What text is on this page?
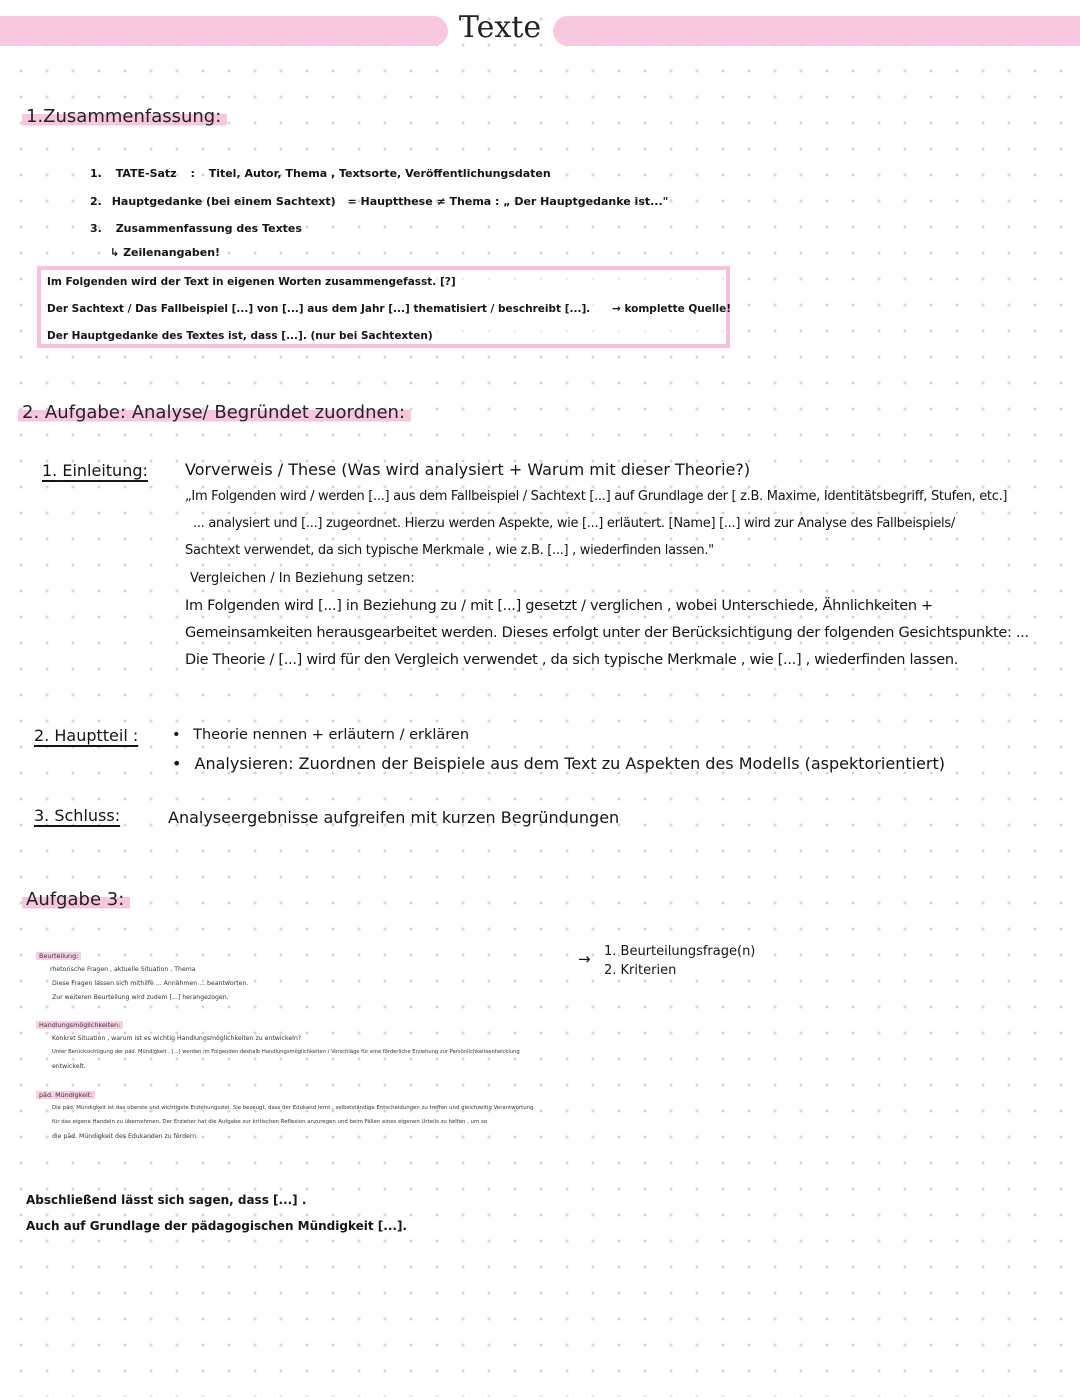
Texte
1.Zusammenfassung:
1. TATE-Satz : Titel, Autor, Thema , Textsorte, Veröffentlichungsdaten
2. Hauptgedanke (bei einem Sachtext) = Hauptthese ≠ Thema : „ Der Hauptgedanke ist..."
3. Zusammenfassung des Textes
↳ Zeilenangaben!
Im Folgenden wird der Text in eigenen Worten zusammengefasst. [?]
Der Sachtext / Das Fallbeispiel [...] von [...] aus dem Jahr [...] thematisiert / beschreibt [...]. → komplette Quelle!
Der Hauptgedanke des Textes ist, dass [...]. (nur bei Sachtexten)
2. Aufgabe: Analyse/ Begründet zuordnen:
1. Einleitung: Vorverweis / These (Was wird analysiert + Warum mit dieser Theorie?)
„Im Folgenden wird / werden [...] aus dem Fallbeispiel / Sachtext [...] auf Grundlage der [ z.B. Maxime, Identitätsbegriff, Stufen, etc.]
... analysiert und [...] zugeordnet. Hierzu werden Aspekte, wie [...] erläutert. [Name] [...] wird zur Analyse des Fallbeispiels/
Sachtext verwendet, da sich typische Merkmale , wie z.B. [...] , wiederfinden lassen."
Vergleichen / In Beziehung setzen:
Im Folgenden wird [...] in Beziehung zu / mit [...] gesetzt / verglichen , wobei Unterschiede, Ähnlichkeiten +
Gemeinsamkeiten herausgearbeitet werden. Dieses erfolgt unter der Berücksichtigung der folgenden Gesichtspunkte: ...
Die Theorie / [...] wird für den Vergleich verwendet , da sich typische Merkmale , wie [...] , wiederfinden lassen.
2. Hauptteil : • Theorie nennen + erläutern / erklären
• Analysieren: Zuordnen der Beispiele aus dem Text zu Aspekten des Modells (aspektorientiert)
3. Schluss:	Analyseergebnisse aufgreifen mit kurzen Begründungen
Aufgabe 3:
Beurteilung:
rhetorische Fragen , aktuelle Situation , Thema
Diese Fragen lassen sich mithilfe ... Annahmen ... beantworten.
Zur weiteren Beurteilung wird zudem [...] herangezogen.
Handlungsmöglichkeiten:
Konkret Situation , warum ist es wichtig Handlungsmöglichkeiten zu entwickeln?
Unter Berücksichtigung der päd. Mündigkeit , [...] werden im Folgenden deshalb Handlungsmöglichkeiten / Vorschläge für eine förderliche Erziehung zur Persönlichkeitsentwicklung
entwickelt.
päd. Mündigkeit:
Die päd. Mündigkeit ist das oberste und wichtigste Erziehungsziel. Sie bezeugt, dass der Edukand lernt , selbstständige Entscheidungen zu treffen und gleichzeitig Verantwortung
für das eigene Handeln zu übernehmen. Der Erzieher hat die Aufgabe zur kritischen Reflexion anzuregen und beim Fällen eines eigenen Urteils zu helfen , um so
die päd. Mündigkeit des Edukanden zu fördern.
→ 1. Beurteilungsfrage(n)
2. Kriterien
Abschließend lässt sich sagen, dass [...] .
Auch auf Grundlage der pädagogischen Mündigkeit [...].
